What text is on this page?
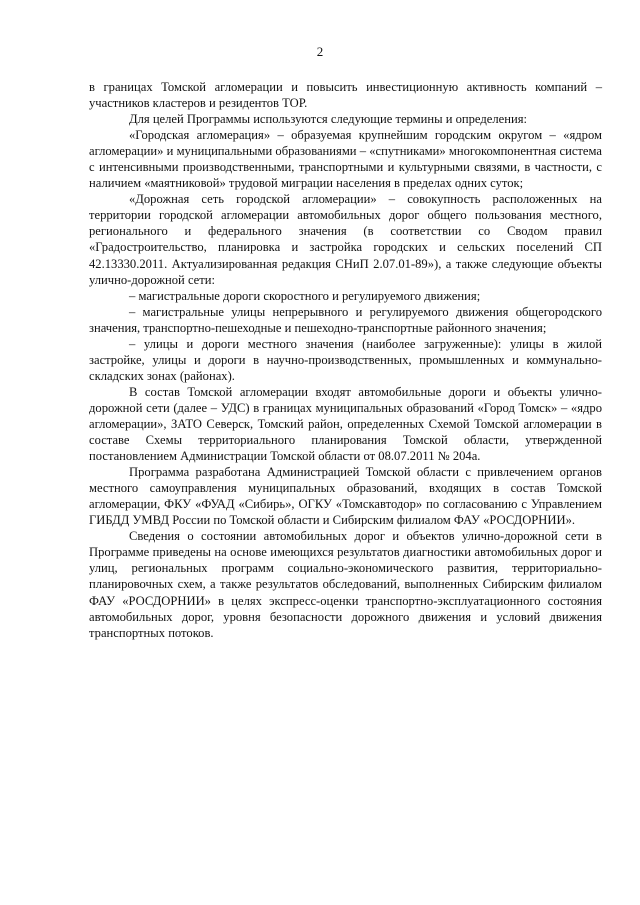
2

в границах Томской агломерации и повысить инвестиционную активность компаний – участников кластеров и резидентов ТОР.

Для целей Программы используются следующие термины и определения:

«Городская агломерация» – образуемая крупнейшим городским округом – «ядром агломерации» и муниципальными образованиями – «спутниками» многокомпонентная система с интенсивными производственными, транспортными и культурными связями, в частности, с наличием «маятниковой» трудовой миграции населения в пределах одних суток;

«Дорожная сеть городской агломерации» – совокупность расположенных на территории городской агломерации автомобильных дорог общего пользования местного, регионального и федерального значения (в соответствии со Сводом правил «Градостроительство, планировка и застройка городских и сельских поселений СП 42.13330.2011. Актуализированная редакция СНиП 2.07.01-89»), а также следующие объекты улично-дорожной сети:

– магистральные дороги скоростного и регулируемого движения;

– магистральные улицы непрерывного и регулируемого движения общегородского значения, транспортно-пешеходные и пешеходно-транспортные районного значения;

– улицы и дороги местного значения (наиболее загруженные): улицы в жилой застройке, улицы и дороги в научно-производственных, промышленных и коммунально-складских зонах (районах).

В состав Томской агломерации входят автомобильные дороги и объекты улично-дорожной сети (далее – УДС) в границах муниципальных образований «Город Томск» – «ядро агломерации», ЗАТО Северск, Томский район, определенных Схемой Томской агломерации в составе Схемы территориального планирования Томской области, утвержденной постановлением Администрации Томской области от 08.07.2011 № 204а.

Программа разработана Администрацией Томской области с привлечением органов местного самоуправления муниципальных образований, входящих в состав Томской агломерации, ФКУ «ФУАД «Сибирь», ОГКУ «Томскавтодор» по согласованию с Управлением ГИБДД УМВД России по Томской области и Сибирским филиалом ФАУ «РОСДОРНИИ».

Сведения о состоянии автомобильных дорог и объектов улично-дорожной сети в Программе приведены на основе имеющихся результатов диагностики автомобильных дорог и улиц, региональных программ социально-экономического развития, территориально-планировочных схем, а также результатов обследований, выполненных Сибирским филиалом ФАУ «РОСДОРНИИ» в целях экспресс-оценки транспортно-эксплуатационного состояния автомобильных дорог, уровня безопасности дорожного движения и условий движения транспортных потоков.
